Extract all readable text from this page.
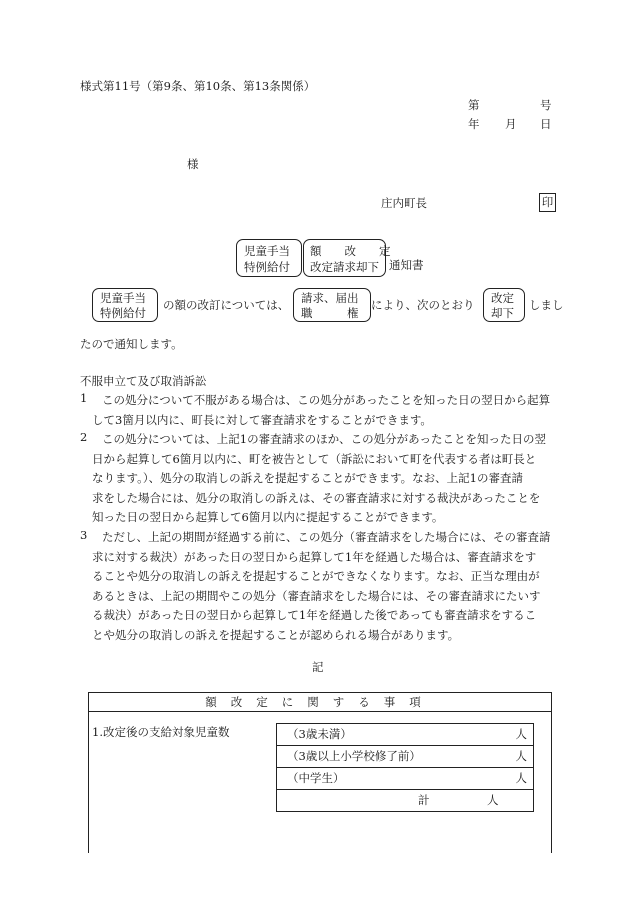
様式第11号（第9条、第10条、第13条関係）
第	号
年 月 日
様
庄内町長	印
児童手当
特例給付
額　　改　　定
改定請求却下 通知書
児童手当
特例給付
の額の改訂については、 請求、届出
職　　　権
により、次のとおり 改定
却下
しまし
たので通知します。
不服申立て及び取消訴訟
1	この処分について不服がある場合は、この処分があったことを知った日の翌日から起算
して3箇月以内に、町長に対して審査請求をすることができます。
2	この処分については、上記1の審査請求のほか、この処分があったことを知った日の翌
日から起算して6箇月以内に、町を被告として（訴訟において町を代表する者は町長と
なります。）、処分の取消しの訴えを提起することができます。なお、上記1の審査請
求をした場合には、処分の取消しの訴えは、その審査請求に対する裁決があったことを
知った日の翌日から起算して6箇月以内に提起することができます。
3	ただし、上記の期間が経過する前に、この処分（審査請求をした場合には、その審査請
求に対する裁決）があった日の翌日から起算して1年を経過した場合は、審査請求をす
ることや処分の取消しの訴えを提起することができなくなります。なお、正当な理由が
あるときは、上記の期間やこの処分（審査請求をした場合には、その審査請求にたいす
る裁決）があった日の翌日から起算して1年を経過した後であっても審査請求をするこ
とや処分の取消しの訴えを提起することが認められる場合があります。
記
額改定に関する事項
1.改定後の支給対象児童数	（3歳未満）	人
（3歳以上小学校修了前）	人
（中学生）	人
計	人
